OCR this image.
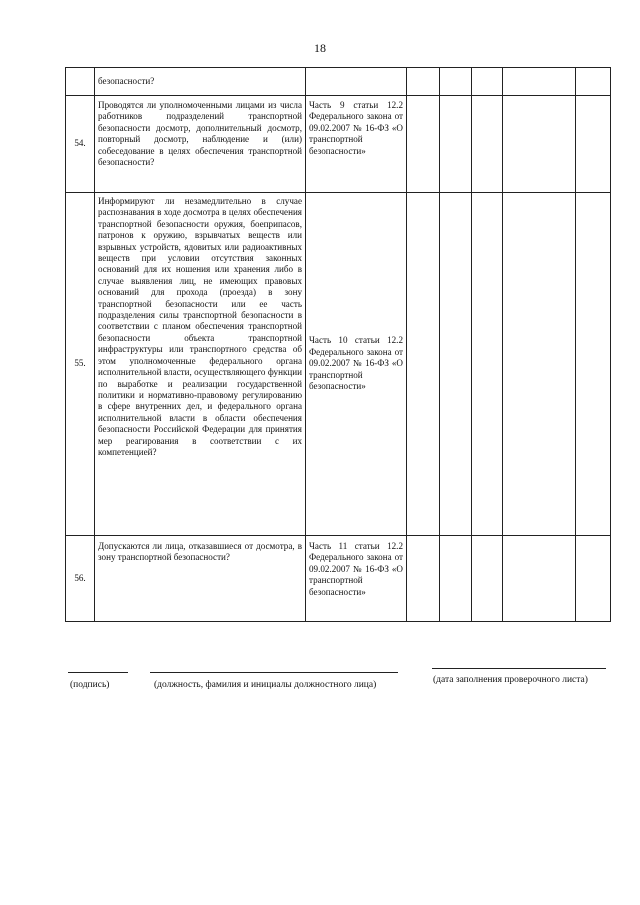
18
	безопасности?						
54.	Проводятся ли уполномоченными лицами из числа работников подразделений транспортной безопасности досмотр, дополнительный досмотр, повторный досмотр, наблюдение и (или) собеседование в целях обеспечения транспортной безопасности?	Часть 9 статьи 12.2 Федерального закона от 09.02.2007 № 16-ФЗ «О транспортной
безопасности»					

55.	Информируют ли незамедлительно в случае распознавания в ходе досмотра в целях обеспечения транспортной безопасности оружия, боеприпасов, патронов к оружию, взрывчатых веществ или взрывных устройств, ядовитых или радиоактивных веществ при условии отсутствия законных оснований для их ношения или хранения либо в случае выявления лиц, не имеющих правовых оснований для прохода (проезда) в зону транспортной безопасности или ее часть подразделения силы транспортной безопасности в соответствии с планом обеспечения транспортной безопасности объекта транспортной инфраструктуры или транспортного средства об этом уполномоченные федерального органа исполнительной власти, осуществляющего функции по выработке и реализации государственной политики и нормативно-правовому регулированию в сфере внутренних дел, и федерального органа исполнительной власти в области обеспечения безопасности Российской Федерации для принятия мер реагирования в соответствии с их компетенцией?	Часть 10 статьи 12.2 Федерального закона от 09.02.2007 № 16-ФЗ «О транспортной
безопасности»					

56.	Допускаются ли лица, отказавшиеся от досмотра, в зону транспортной безопасности?	Часть 11 статьи 12.2 Федерального закона от 09.02.2007 № 16-ФЗ «О транспортной
безопасности»					

(подпись)	(должность, фамилия и инициалы должностного лица)	(дата заполнения проверочного листа)
